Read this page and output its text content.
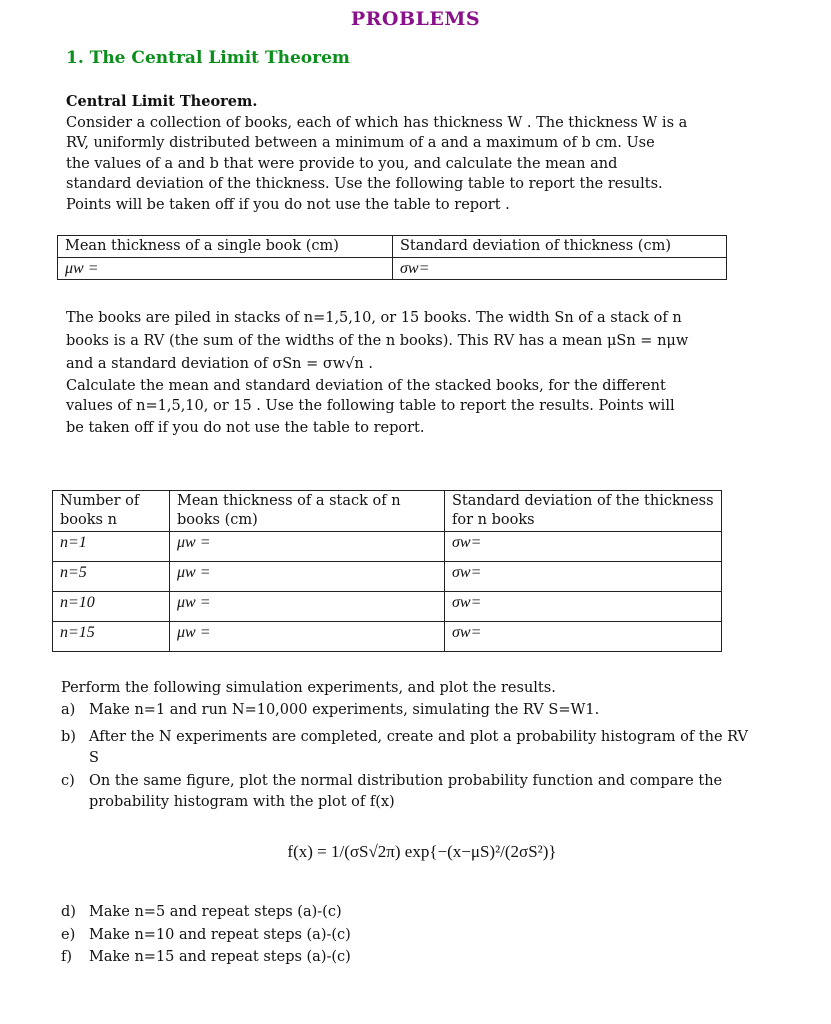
PROBLEMS
1. The Central Limit Theorem
Central Limit Theorem.
Consider a collection of books, each of which has thickness W . The thickness W is a
RV, uniformly distributed between a minimum of a and a maximum of b cm. Use
the values of a and b that were provide to you, and calculate the mean and
standard deviation of the thickness. Use the following table to report the results.
Points will be taken off if you do not use the table to report .
Mean thickness of a single book (cm)	Standard deviation of thickness (cm)
μw =	σw=
The books are piled in stacks of n=1,5,10, or 15 books. The width Sn of a stack of n
books is a RV (the sum of the widths of the n books). This RV has a mean μSn = nμw
and a standard deviation of σSn = σw√n .
Calculate the mean and standard deviation of the stacked books, for the different
values of n=1,5,10, or 15 . Use the following table to report the results. Points will
be taken off if you do not use the table to report.
Number of books n	Mean thickness of a stack of n books (cm)	Standard deviation of the thickness for n books
n=1	μw =	σw=
n=5	μw =	σw=
n=10	μw =	σw=
n=15	μw =	σw=
Perform the following simulation experiments, and plot the results.
a) Make n=1 and run N=10,000 experiments, simulating the RV S=W1.
b) After the N experiments are completed, create and plot a probability histogram of the RV S
c) On the same figure, plot the normal distribution probability function and compare the probability histogram with the plot of f(x)
f(x) = 1/(σS√2π) exp{−(x−μS)²/(2σS²)}
d) Make n=5 and repeat steps (a)-(c)
e) Make n=10 and repeat steps (a)-(c)
f) Make n=15 and repeat steps (a)-(c)
